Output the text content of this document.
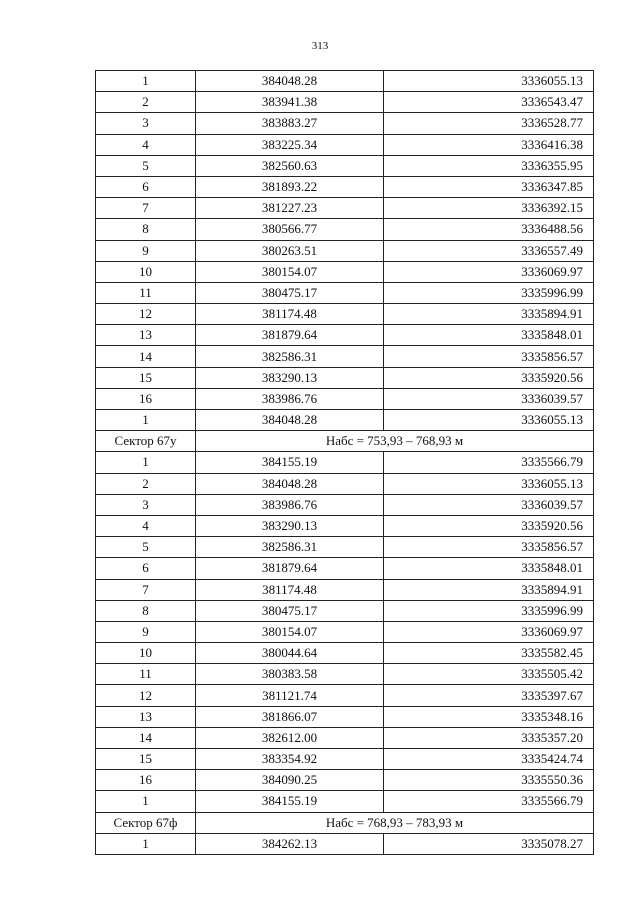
313
1	384048.28	3336055.13
2	383941.38	3336543.47
3	383883.27	3336528.77
4	383225.34	3336416.38
5	382560.63	3336355.95
6	381893.22	3336347.85
7	381227.23	3336392.15
8	380566.77	3336488.56
9	380263.51	3336557.49
10	380154.07	3336069.97
11	380475.17	3335996.99
12	381174.48	3335894.91
13	381879.64	3335848.01
14	382586.31	3335856.57
15	383290.13	3335920.56
16	383986.76	3336039.57
1	384048.28	3336055.13
Сектор 67у	Набс = 753,93 – 768,93 м	
1	384155.19	3335566.79
2	384048.28	3336055.13
3	383986.76	3336039.57
4	383290.13	3335920.56
5	382586.31	3335856.57
6	381879.64	3335848.01
7	381174.48	3335894.91
8	380475.17	3335996.99
9	380154.07	3336069.97
10	380044.64	3335582.45
11	380383.58	3335505.42
12	381121.74	3335397.67
13	381866.07	3335348.16
14	382612.00	3335357.20
15	383354.92	3335424.74
16	384090.25	3335550.36
1	384155.19	3335566.79
Сектор 67ф	Набс = 768,93 – 783,93 м	
1	384262.13	3335078.27
